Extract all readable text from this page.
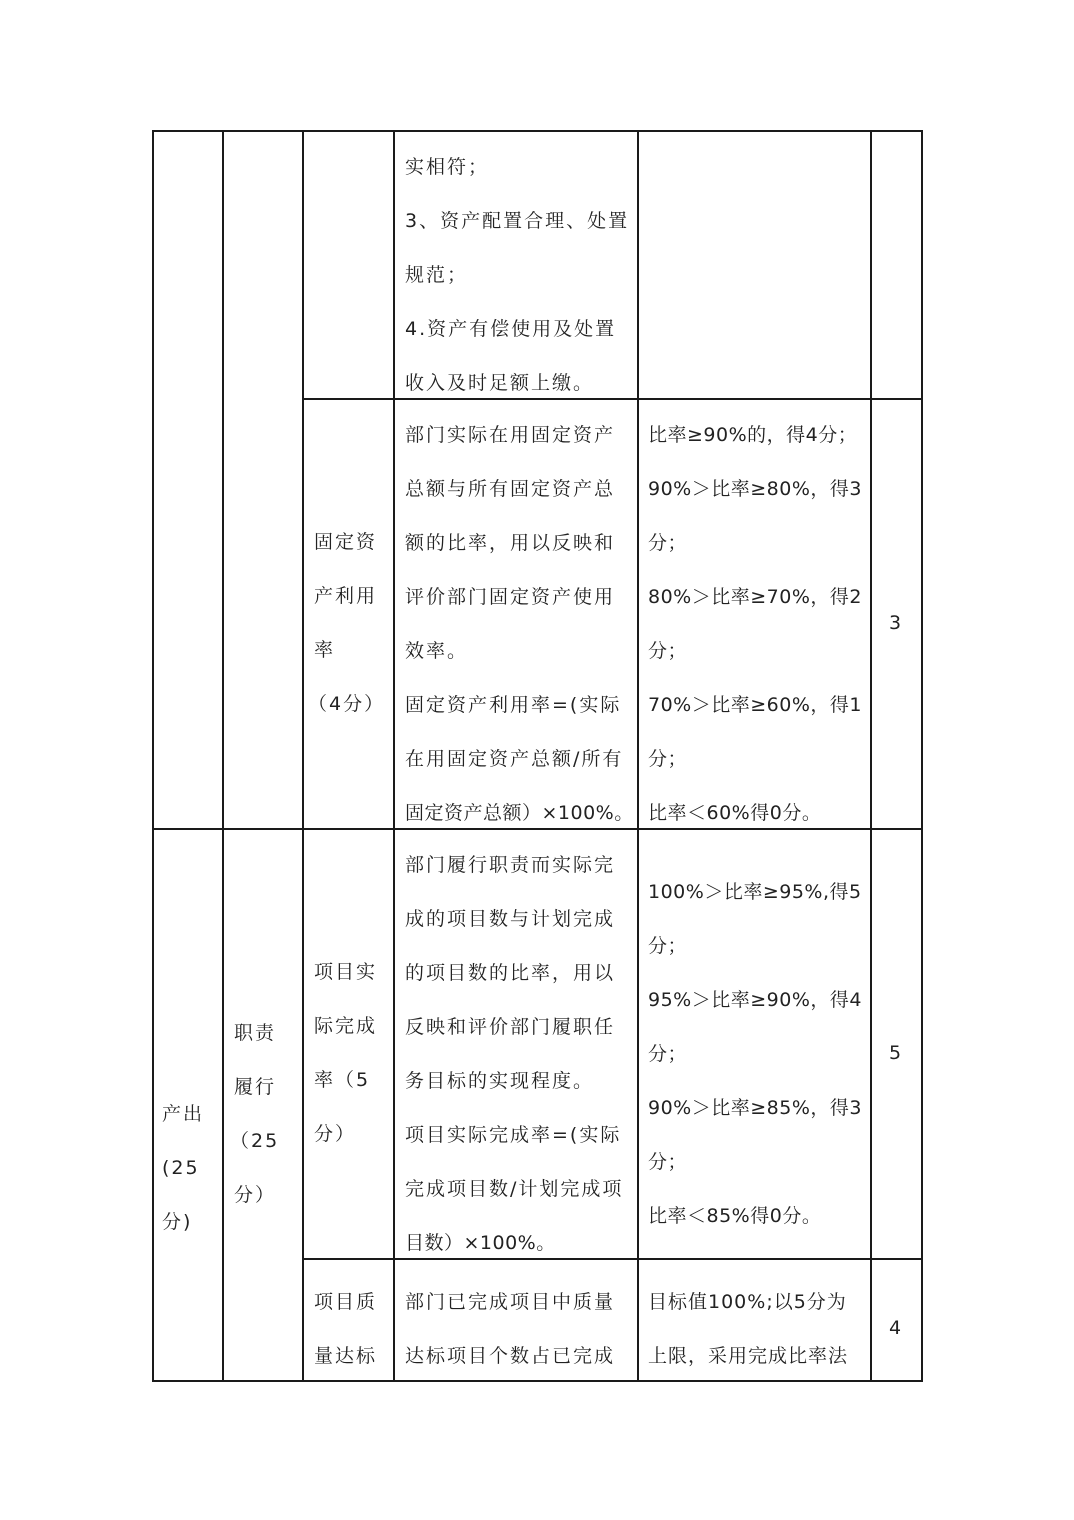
实相符；
3、资产配置合理、处置
规范；
4.资产有偿使用及处置
收入及时足额上缴。
固定资
产利用
率
（4分）
部门实际在用固定资产
总额与所有固定资产总
额的比率，用以反映和
评价部门固定资产使用
效率。
固定资产利用率=(实际
在用固定资产总额/所有
固定资产总额）×100%。
比率≥90%的，得4分；
90%＞比率≥80%，得3
分；
80%＞比率≥70%，得2
分；
70%＞比率≥60%，得1
分；
比率＜60%得0分。
3
产出
(25
分)
职责
履行
（25
分）
项目实
际完成
率（5
分）
部门履行职责而实际完
成的项目数与计划完成
的项目数的比率，用以
反映和评价部门履职任
务目标的实现程度。
项目实际完成率=(实际
完成项目数/计划完成项
目数）×100%。
100%＞比率≥95%,得5
分；
95%＞比率≥90%，得4
分；
90%＞比率≥85%，得3
分；
比率＜85%得0分。
5
项目质
量达标
部门已完成项目中质量
达标项目个数占已完成
目标值100%;以5分为
上限，采用完成比率法
4
